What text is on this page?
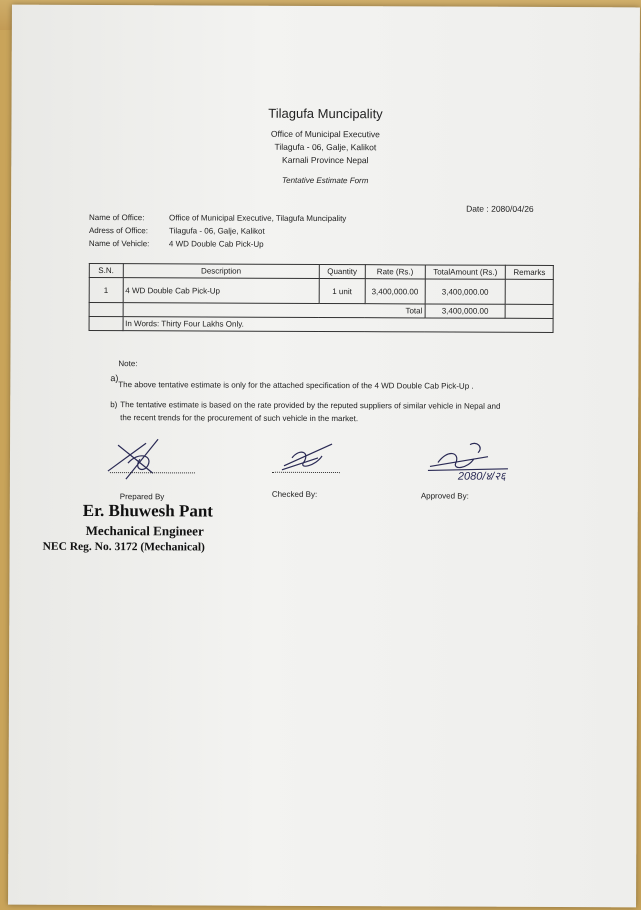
Tilagufa Muncipality
Office of Municipal Executive
Tilagufa - 06, Galje, Kalikot
Karnali Province Nepal
Tentative Estimate Form
Date : 2080/04/26
Name of Office:	Office of Municipal Executive, Tilagufa Muncipality
Adress of Office:	Tilagufa - 06, Galje, Kalikot
Name of Vehicle: 4 WD Double Cab Pick-Up
S.N.	Description	Quantity	Rate (Rs.)	TotalAmount (Rs.)	Remarks
1	4 WD Double Cab Pick-Up	1 unit	3,400,000.00	3,400,000.00	
	Total			3,400,000.00	
	In Words: Thirty Four Lakhs Only.				
Note:
a)
The above tentative estimate is only for the attached specification of the 4 WD Double Cab Pick-Up .
b) The tentative estimate is based on the rate provided by the reputed suppliers of similar vehicle in Nepal and
the recent trends for the procurement of such vehicle in the market.
Prepared By	Checked By:
2080/४/२६
Approved By:
Er. Bhuwesh Pant
Mechanical Engineer
NEC Reg. No. 3172 (Mechanical)
